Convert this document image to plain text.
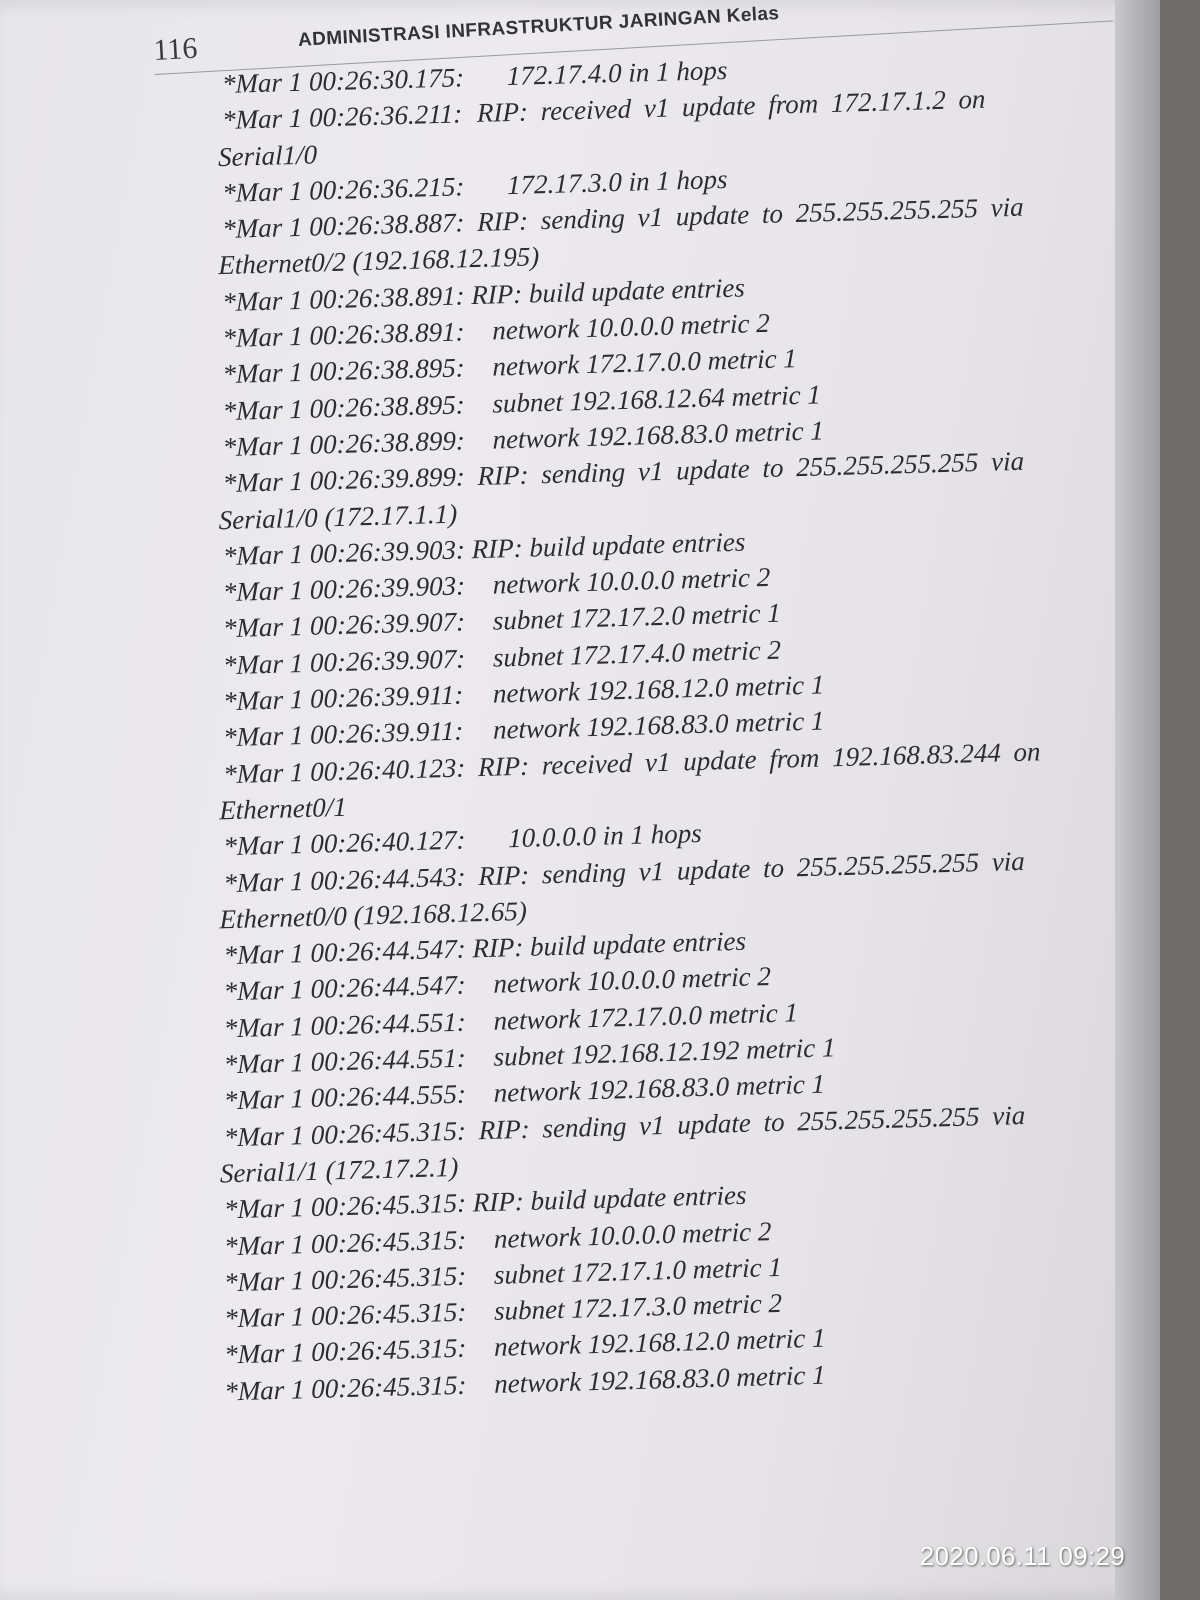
116	ADMINISTRASI INFRASTRUKTUR JARINGAN Kelas
*Mar 1 00:26:30.175: 172.17.4.0 in 1 hops
*Mar 1 00:26:36.211: RIP: received v1 update from 172.17.1.2 on
Serial1/0
*Mar 1 00:26:36.215: 172.17.3.0 in 1 hops
*Mar 1 00:26:38.887: RIP: sending v1 update to 255.255.255.255 via
Ethernet0/2 (192.168.12.195)
*Mar 1 00:26:38.891: RIP: build update entries
*Mar 1 00:26:38.891: network 10.0.0.0 metric 2
*Mar 1 00:26:38.895: network 172.17.0.0 metric 1
*Mar 1 00:26:38.895: subnet 192.168.12.64 metric 1
*Mar 1 00:26:38.899: network 192.168.83.0 metric 1
*Mar 1 00:26:39.899: RIP: sending v1 update to 255.255.255.255 via
Serial1/0 (172.17.1.1)
*Mar 1 00:26:39.903: RIP: build update entries
*Mar 1 00:26:39.903: network 10.0.0.0 metric 2
*Mar 1 00:26:39.907: subnet 172.17.2.0 metric 1
*Mar 1 00:26:39.907: subnet 172.17.4.0 metric 2
*Mar 1 00:26:39.911: network 192.168.12.0 metric 1
*Mar 1 00:26:39.911: network 192.168.83.0 metric 1
*Mar 1 00:26:40.123: RIP: received v1 update from 192.168.83.244 on
Ethernet0/1
*Mar 1 00:26:40.127: 10.0.0.0 in 1 hops
*Mar 1 00:26:44.543: RIP: sending v1 update to 255.255.255.255 via
Ethernet0/0 (192.168.12.65)
*Mar 1 00:26:44.547: RIP: build update entries
*Mar 1 00:26:44.547: network 10.0.0.0 metric 2
*Mar 1 00:26:44.551: network 172.17.0.0 metric 1
*Mar 1 00:26:44.551: subnet 192.168.12.192 metric 1
*Mar 1 00:26:44.555: network 192.168.83.0 metric 1
*Mar 1 00:26:45.315: RIP: sending v1 update to 255.255.255.255 via
Serial1/1 (172.17.2.1)
*Mar 1 00:26:45.315: RIP: build update entries
*Mar 1 00:26:45.315: network 10.0.0.0 metric 2
*Mar 1 00:26:45.315: subnet 172.17.1.0 metric 1
*Mar 1 00:26:45.315: subnet 172.17.3.0 metric 2
*Mar 1 00:26:45.315: network 192.168.12.0 metric 1
*Mar 1 00:26:45.315: network 192.168.83.0 metric 1
2020.06.11 09:29
